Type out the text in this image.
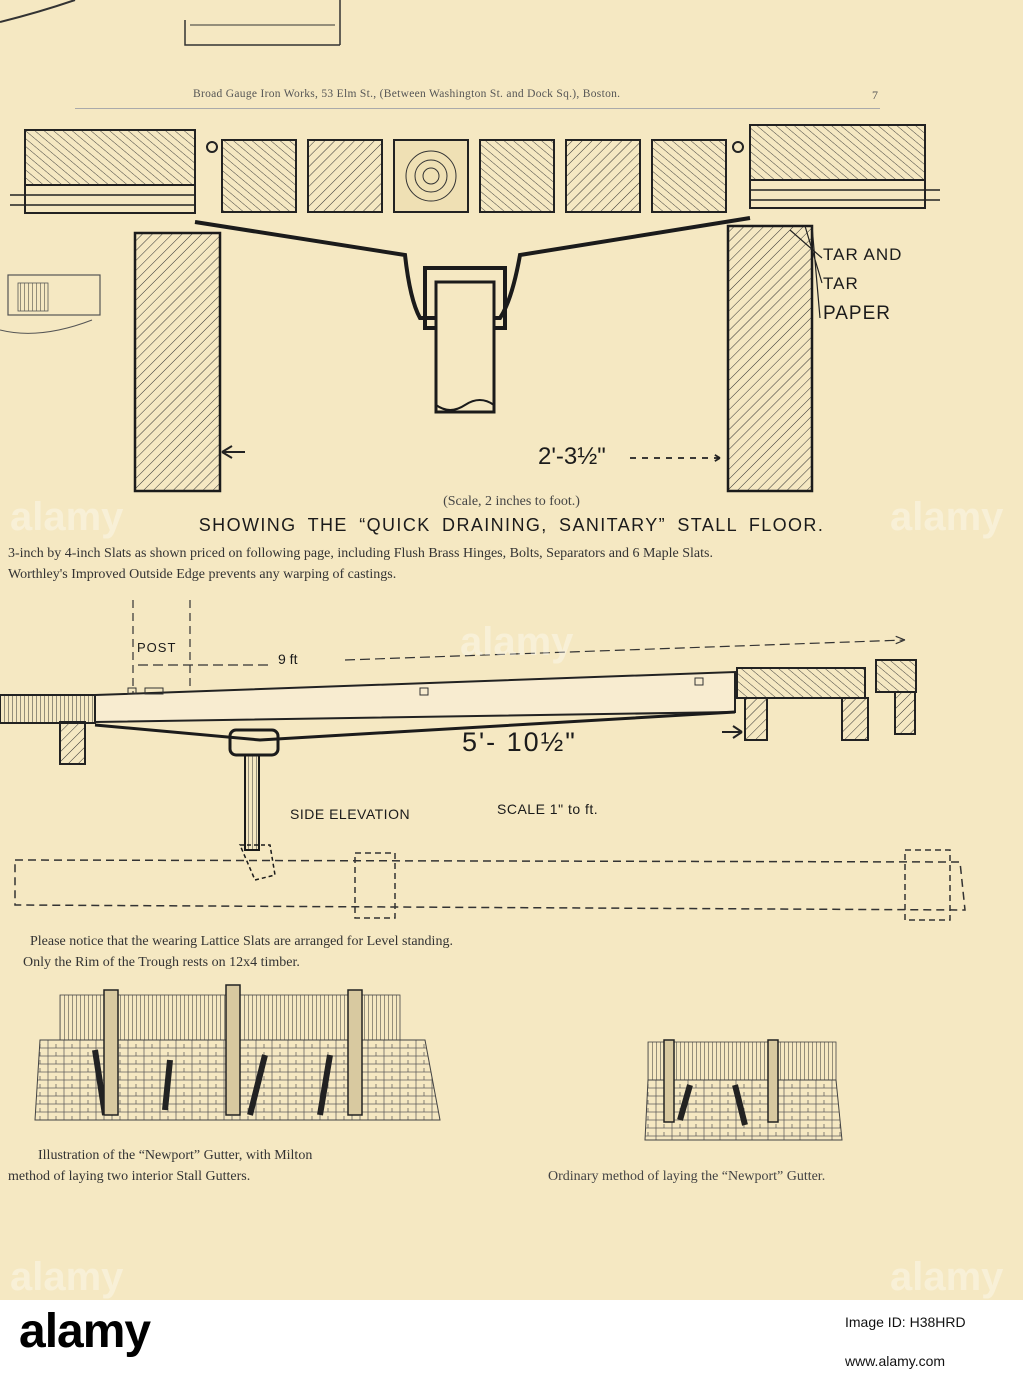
alamy
alamy
alamy
alamy	alamy
Broad Gauge Iron Works, 53 Elm St., (Between Washington St. and Dock Sq.), Boston.	7
TAR AND
TAR
PAPER
2'-3½"
(Scale, 2 inches to foot.)
SHOWING THE “QUICK DRAINING, SANITARY” STALL FLOOR.
3-inch by 4-inch Slats as shown priced on following page, including Flush Brass Hinges, Bolts, Separators and 6 Maple Slats.
Worthley's Improved Outside Edge prevents any warping of castings.
POST
9 ft
5'- 10½"
SIDE ELEVATION	SCALE 1" to ft.
Please notice that the wearing Lattice Slats are arranged for Level standing.
Only the Rim of the Trough rests on 12x4 timber.
Illustration of the “Newport” Gutter, with Milton
method of laying two interior Stall Gutters.	Ordinary method of laying the “Newport” Gutter.
alamy	Image ID: H38HRD
www.alamy.com
